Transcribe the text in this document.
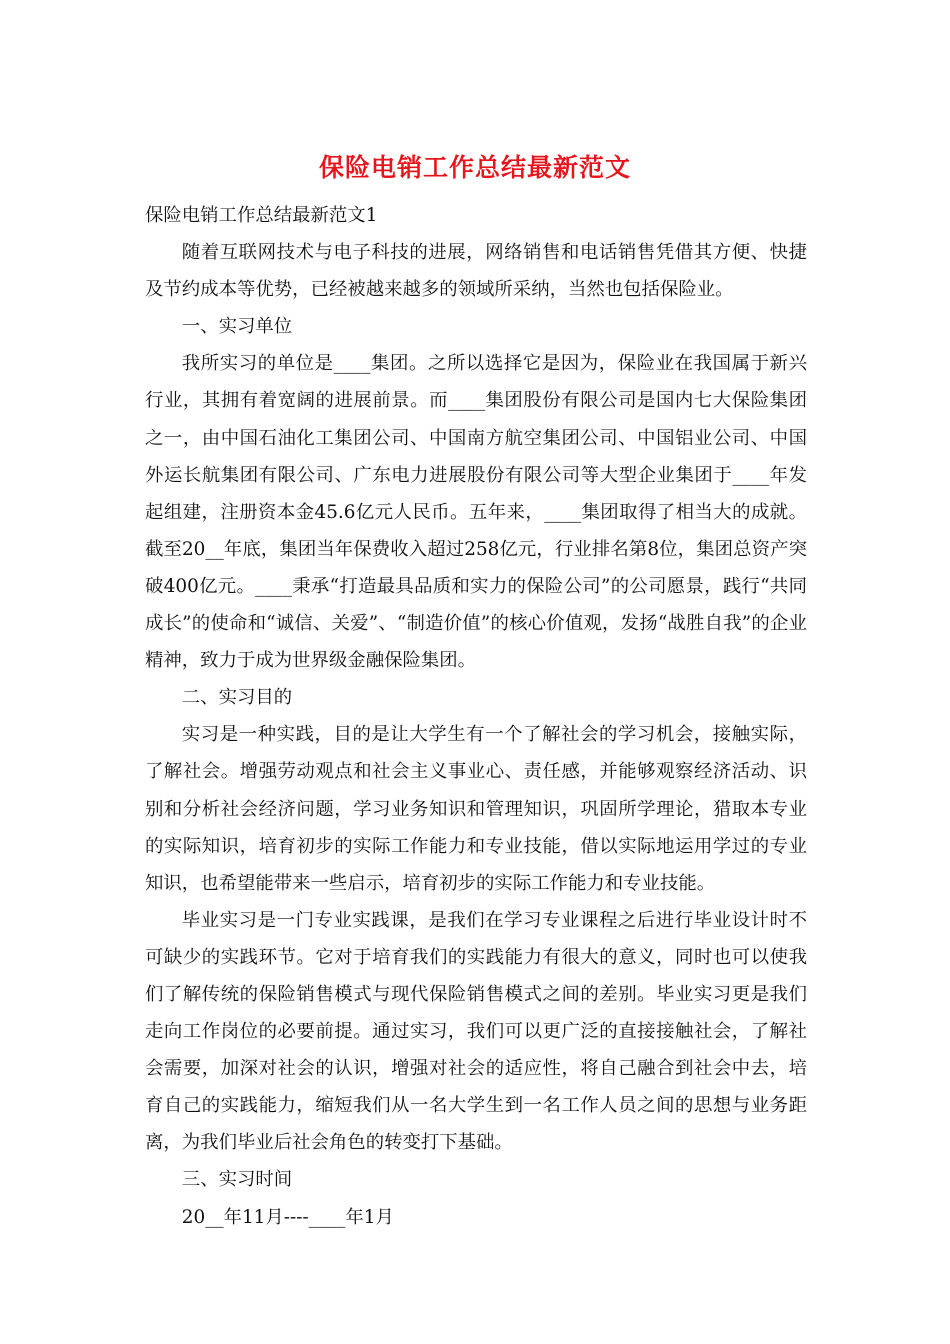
保险电销工作总结最新范文

保险电销工作总结最新范文1

随着互联网技术与电子科技的进展，网络销售和电话销售凭借其方便、快捷及节约成本等优势，已经被越来越多的领域所采纳，当然也包括保险业。

一、实习单位

我所实习的单位是____集团。之所以选择它是因为，保险业在我国属于新兴行业，其拥有着宽阔的进展前景。而____集团股份有限公司是国内七大保险集团之一，由中国石油化工集团公司、中国南方航空集团公司、中国铝业公司、中国外运长航集团有限公司、广东电力进展股份有限公司等大型企业集团于____年发起组建，注册资本金45.6亿元人民币。五年来，____集团取得了相当大的成就。截至20__年底，集团当年保费收入超过258亿元，行业排名第8位，集团总资产突破400亿元。____秉承“打造最具品质和实力的保险公司”的公司愿景，践行“共同成长”的使命和“诚信、关爱”、“制造价值”的核心价值观，发扬“战胜自我”的企业精神，致力于成为世界级金融保险集团。

二、实习目的

实习是一种实践，目的是让大学生有一个了解社会的学习机会，接触实际，了解社会。增强劳动观点和社会主义事业心、责任感，并能够观察经济活动、识别和分析社会经济问题，学习业务知识和管理知识，巩固所学理论，猎取本专业的实际知识，培育初步的实际工作能力和专业技能，借以实际地运用学过的专业知识，也希望能带来一些启示，培育初步的实际工作能力和专业技能。

毕业实习是一门专业实践课，是我们在学习专业课程之后进行毕业设计时不可缺少的实践环节。它对于培育我们的实践能力有很大的意义，同时也可以使我们了解传统的保险销售模式与现代保险销售模式之间的差别。毕业实习更是我们走向工作岗位的必要前提。通过实习，我们可以更广泛的直接接触社会，了解社会需要，加深对社会的认识，增强对社会的适应性，将自己融合到社会中去，培育自己的实践能力，缩短我们从一名大学生到一名工作人员之间的思想与业务距离，为我们毕业后社会角色的转变打下基础。

三、实习时间

20__年11月----____年1月
